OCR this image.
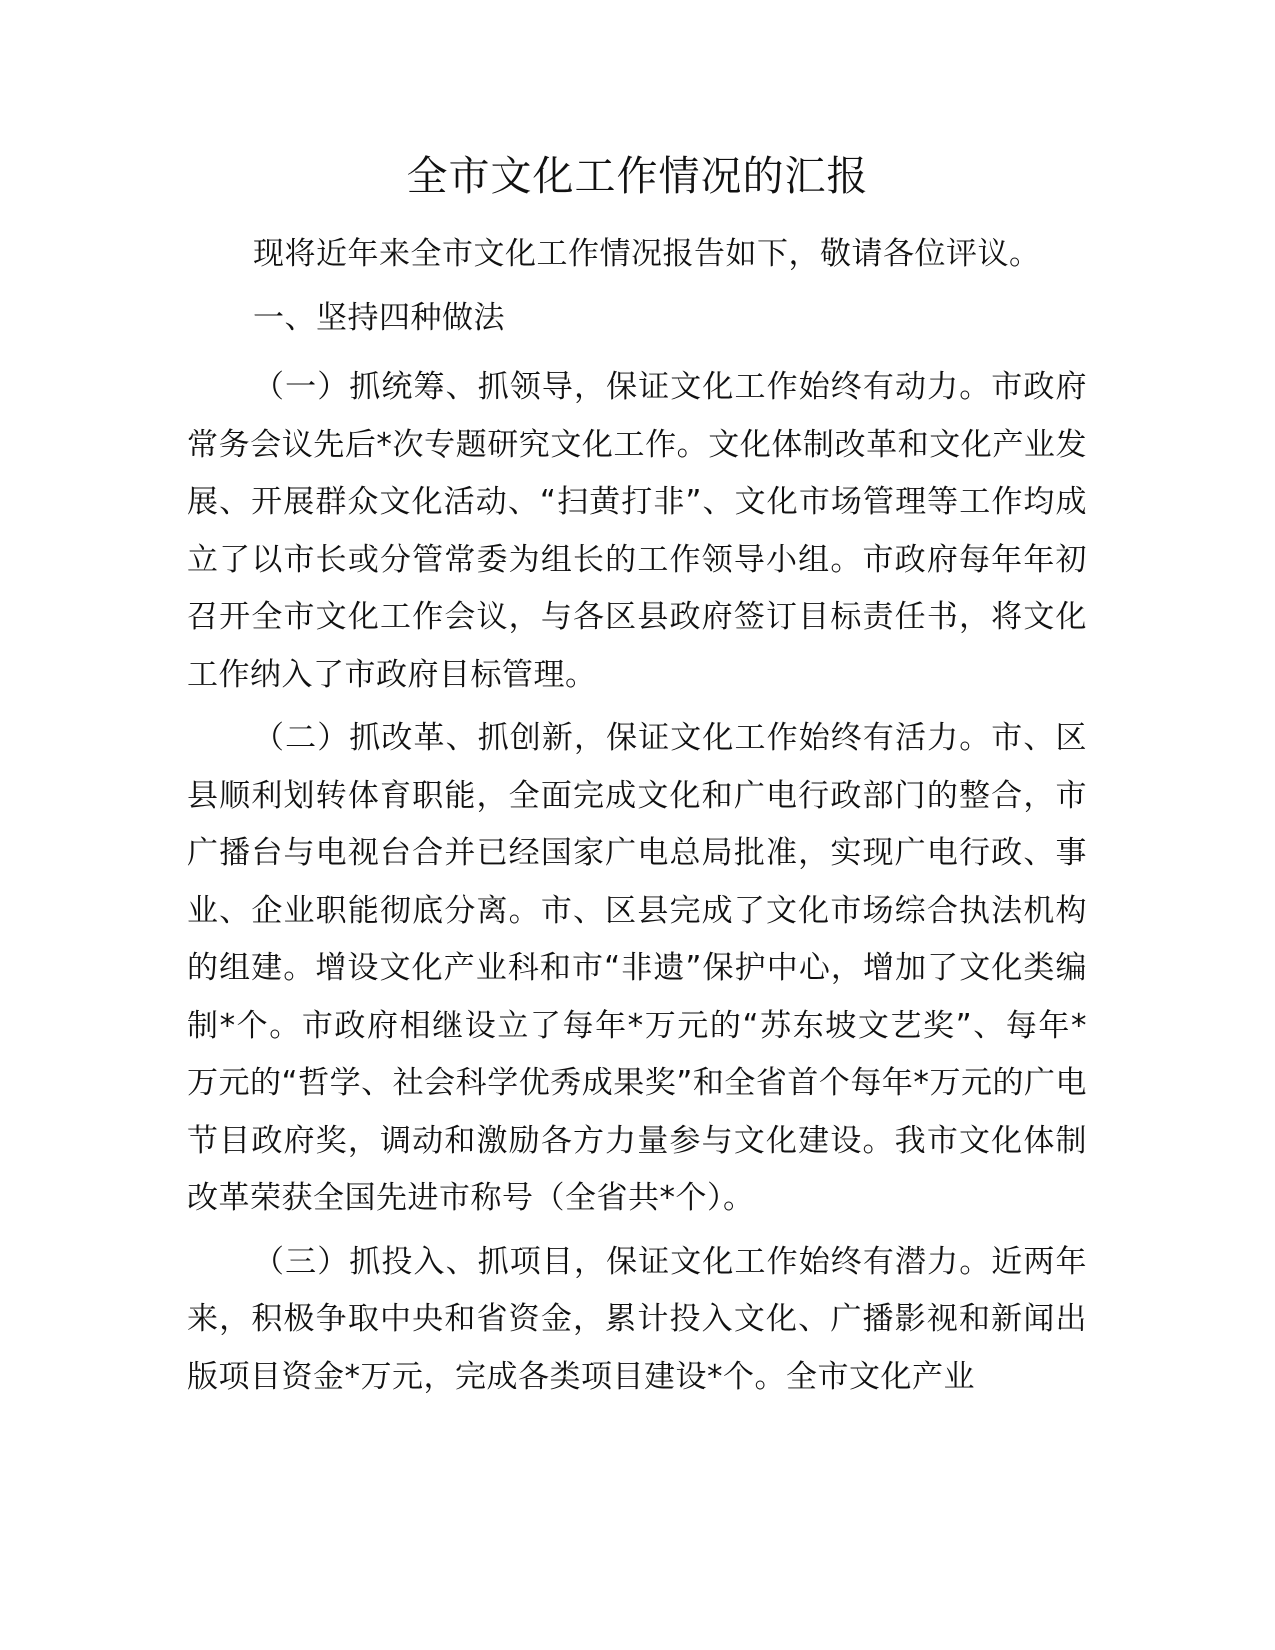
全市文化工作情况的汇报

现将近年来全市文化工作情况报告如下，敬请各位评议。

一、坚持四种做法

（一）抓统筹、抓领导，保证文化工作始终有动力。市政府常务会议先后*次专题研究文化工作。文化体制改革和文化产业发展、开展群众文化活动、“扫黄打非”、文化市场管理等工作均成立了以市长或分管常委为组长的工作领导小组。市政府每年年初召开全市文化工作会议，与各区县政府签订目标责任书，将文化工作纳入了市政府目标管理。

（二）抓改革、抓创新，保证文化工作始终有活力。市、区县顺利划转体育职能，全面完成文化和广电行政部门的整合，市广播台与电视台合并已经国家广电总局批准，实现广电行政、事业、企业职能彻底分离。市、区县完成了文化市场综合执法机构的组建。增设文化产业科和市“非遗”保护中心，增加了文化类编制*个。市政府相继设立了每年*万元的“苏东坡文艺奖”、每年*万元的“哲学、社会科学优秀成果奖”和全省首个每年*万元的广电节目政府奖，调动和激励各方力量参与文化建设。我市文化体制改革荣获全国先进市称号（全省共*个）。

（三）抓投入、抓项目，保证文化工作始终有潜力。近两年来，积极争取中央和省资金，累计投入文化、广播影视和新闻出版项目资金*万元，完成各类项目建设*个。全市文化产业
